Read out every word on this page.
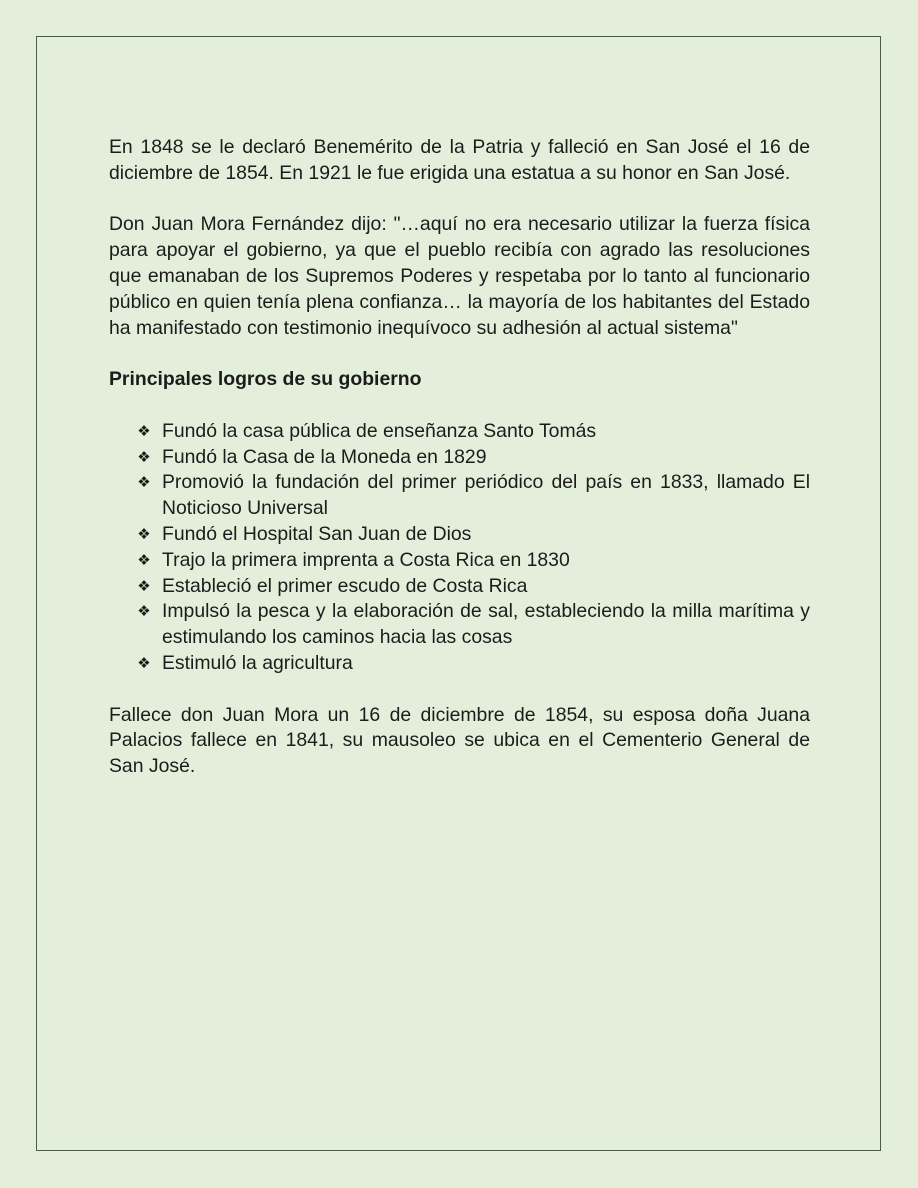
En 1848 se le declaró Benemérito de la Patria y falleció en San José el 16 de diciembre de 1854. En 1921 le fue erigida una estatua a su honor en San José.

Don Juan Mora Fernández dijo: "…aquí no era necesario utilizar la fuerza física para apoyar el gobierno, ya que el pueblo recibía con agrado las resoluciones que emanaban de los Supremos Poderes y respetaba por lo tanto al funcionario público en quien tenía plena confianza… la mayoría de los habitantes del Estado ha manifestado con testimonio inequívoco su adhesión al actual sistema"

Principales logros de su gobierno

❖ Fundó la casa pública de enseñanza Santo Tomás
❖ Fundó la Casa de la Moneda en 1829
❖ Promovió la fundación del primer periódico del país en 1833, llamado El Noticioso Universal
❖ Fundó el Hospital San Juan de Dios
❖ Trajo la primera imprenta a Costa Rica en 1830
❖ Estableció el primer escudo de Costa Rica
❖ Impulsó la pesca y la elaboración de sal, estableciendo la milla marítima y estimulando los caminos hacia las cosas
❖ Estimuló la agricultura

Fallece don Juan Mora un 16 de diciembre de 1854, su esposa doña Juana Palacios fallece en 1841, su mausoleo se ubica en el Cementerio General de San José.
